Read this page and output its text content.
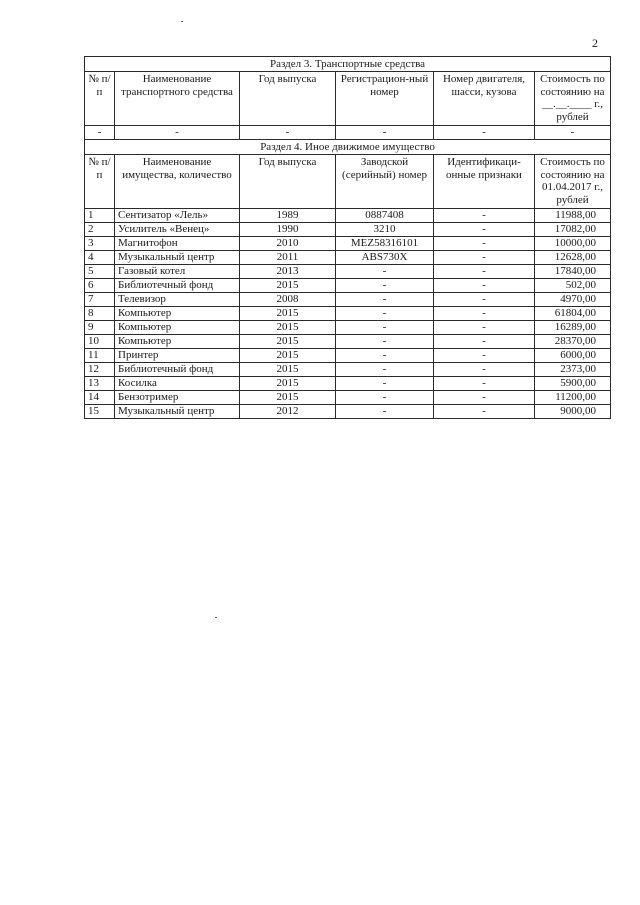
2
Раздел 3. Транспортные средства					
№ п/п	Наименование транспортного средства	Год выпуска	Регистрацион-ный номер	Номер двигателя, шасси, кузова	Стоимость по состоянию на __.__.____ г., рублей
-	-	-	-	-	-
Раздел 4. Иное движимое имущество					
№ п/п	Наименование имущества, количество	Год выпуска	Заводской (серийный) номер	Идентификаци-онные признаки	Стоимость по состоянию на 01.04.2017 г., рублей
1	Сентизатор «Лель»	1989	0887408	-	11988,00
2	Усилитель «Венец»	1990	3210	-	17082,00
3	Магнитофон	2010	MEZ58316101	-	10000,00
4	Музыкальный центр	2011	ABS730X	-	12628,00
5	Газовый котел	2013	-	-	17840,00
6	Библиотечный фонд	2015	-	-	502,00
7	Телевизор	2008	-	-	4970,00
8	Компьютер	2015	-	-	61804,00
9	Компьютер	2015	-	-	16289,00
10	Компьютер	2015	-	-	28370,00
11	Принтер	2015	-	-	6000,00
12	Библиотечный фонд	2015	-	-	2373,00
13	Косилка	2015	-	-	5900,00
14	Бензотример	2015	-	-	11200,00
15	Музыкальный центр	2012	-	-	9000,00
